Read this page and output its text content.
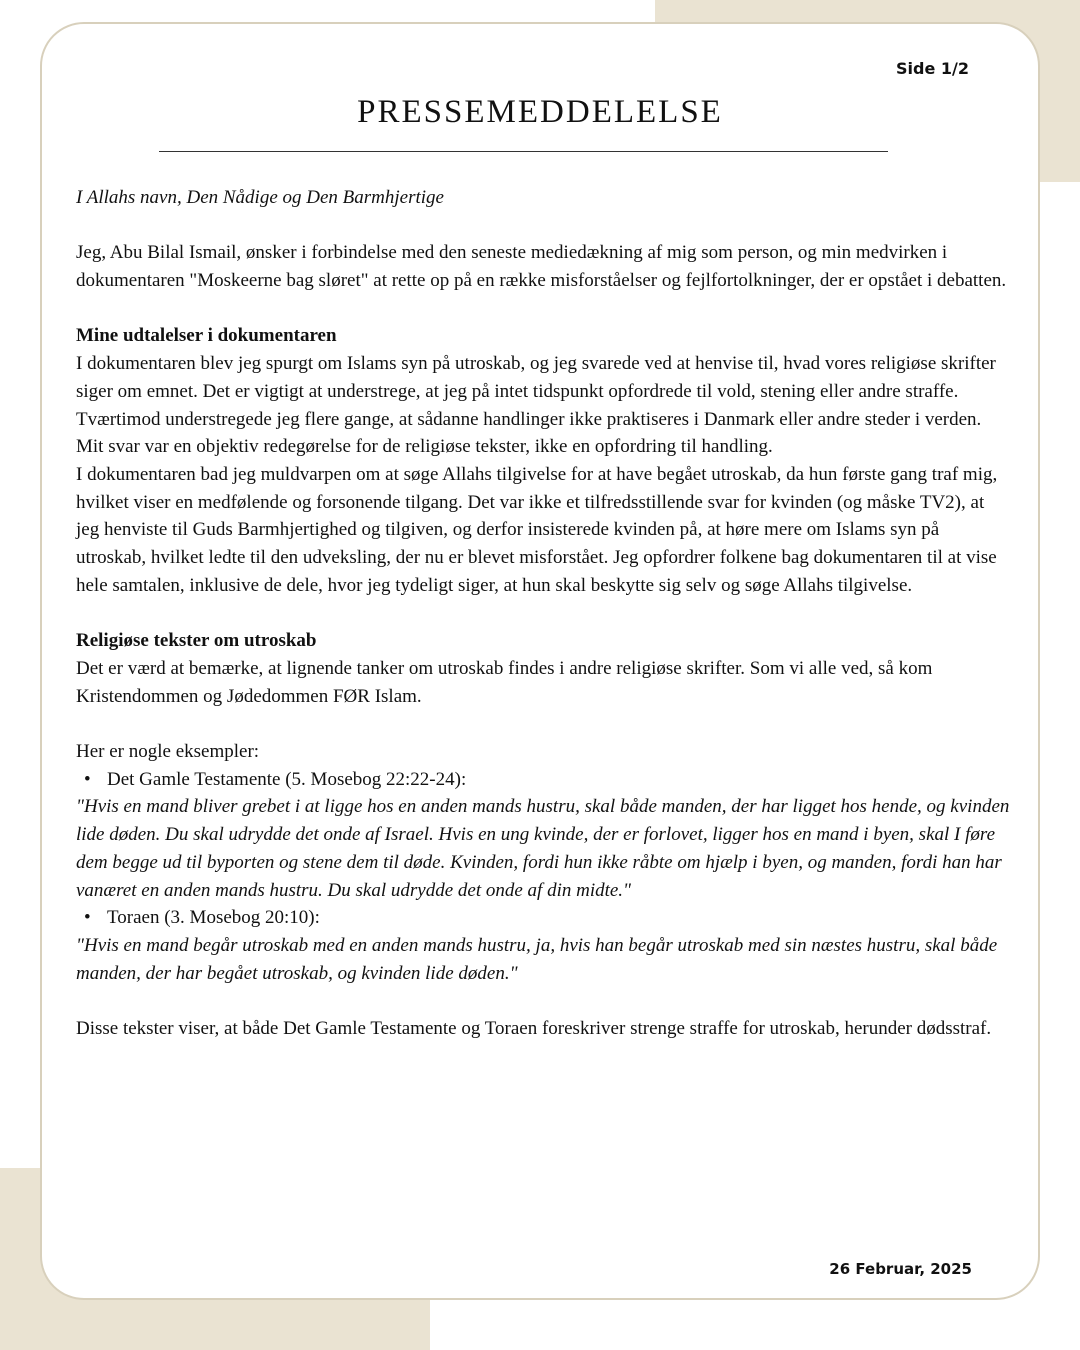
Side 1/2
PRESSEMEDDELELSE

I Allahs navn, Den Nådige og Den Barmhjertige

Jeg, Abu Bilal Ismail, ønsker i forbindelse med den seneste mediedækning af mig som person, og min medvirken i dokumentaren "Moskeerne bag sløret" at rette op på en række misforståelser og fejlfortolkninger, der er opstået i debatten.

Mine udtalelser i dokumentaren

I dokumentaren blev jeg spurgt om Islams syn på utroskab, og jeg svarede ved at henvise til, hvad vores religiøse skrifter siger om emnet. Det er vigtigt at understrege, at jeg på intet tidspunkt opfordrede til vold, stening eller andre straffe. Tværtimod understregede jeg flere gange, at sådanne handlinger ikke praktiseres i Danmark eller andre steder i verden. Mit svar var en objektiv redegørelse for de religiøse tekster, ikke en opfordring til handling.

I dokumentaren bad jeg muldvarpen om at søge Allahs tilgivelse for at have begået utroskab, da hun første gang traf mig, hvilket viser en medfølende og forsonende tilgang. Det var ikke et tilfredsstillende svar for kvinden (og måske TV2), at jeg henviste til Guds Barmhjertighed og tilgiven, og derfor insisterede kvinden på, at høre mere om Islams syn på utroskab, hvilket ledte til den udveksling, der nu er blevet misforstået. Jeg opfordrer folkene bag dokumentaren til at vise hele samtalen, inklusive de dele, hvor jeg tydeligt siger, at hun skal beskytte sig selv og søge Allahs tilgivelse.

Religiøse tekster om utroskab

Det er værd at bemærke, at lignende tanker om utroskab findes i andre religiøse skrifter. Som vi alle ved, så kom Kristendommen og Jødedommen FØR Islam.

Her er nogle eksempler:

• Det Gamle Testamente (5. Mosebog 22:22-24):

"Hvis en mand bliver grebet i at ligge hos en anden mands hustru, skal både manden, der har ligget hos hende, og kvinden lide døden. Du skal udrydde det onde af Israel. Hvis en ung kvinde, der er forlovet, ligger hos en mand i byen, skal I føre dem begge ud til byporten og stene dem til døde. Kvinden, fordi hun ikke råbte om hjælp i byen, og manden, fordi han har vanæret en anden mands hustru. Du skal udrydde det onde af din midte."

• Toraen (3. Mosebog 20:10):

"Hvis en mand begår utroskab med en anden mands hustru, ja, hvis han begår utroskab med sin næstes hustru, skal både manden, der har begået utroskab, og kvinden lide døden."

Disse tekster viser, at både Det Gamle Testamente og Toraen foreskriver strenge straffe for utroskab, herunder dødsstraf.

26 Februar, 2025
